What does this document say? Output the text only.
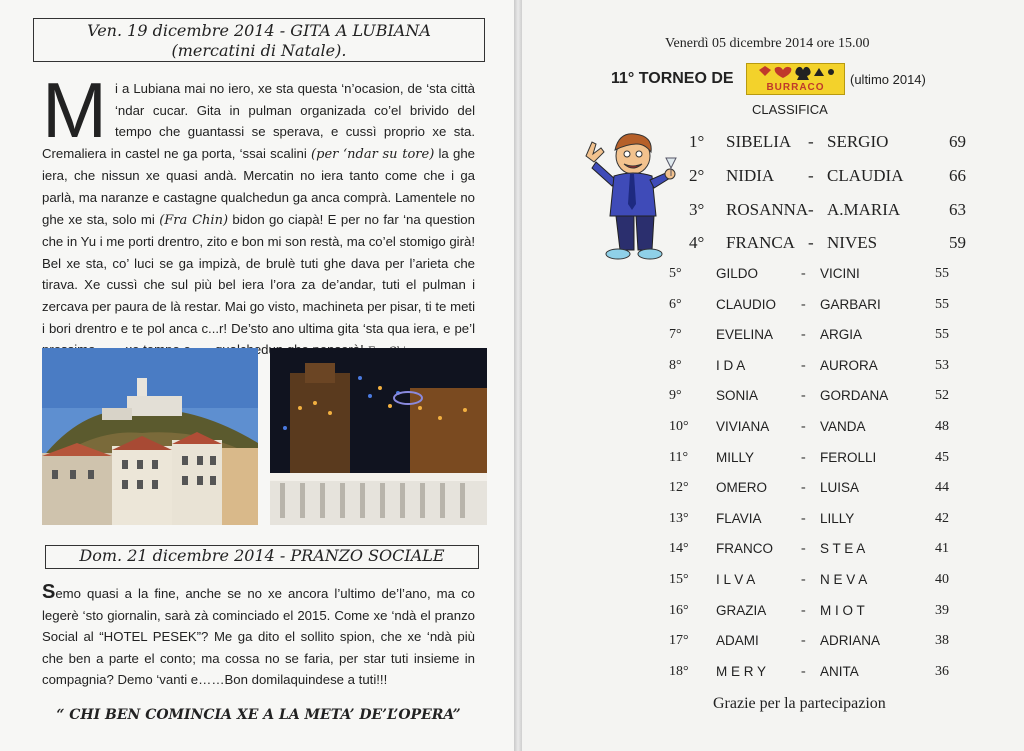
Ven. 19 dicembre 2014 - GITA A LUBIANA
(mercatini di Natale).
Mi a Lubiana mai no iero, xe sta questa ‘n’ocasion, de ‘sta città ‘ndar cucar. Gita in pulman organizada co’el brivido del tempo che guantassi se sperava, e cussì proprio xe sta. Cremaliera in castel ne ga porta, ‘ssai scalini (per ‘ndar su tore) la ghe iera, che nissun xe quasi andà. Mercatin no iera tanto come che i ga parlà, ma naranze e castagne qualchedun ga anca comprà. Lamentele no ghe xe sta, solo mi (Fra Chin) bidon go ciapà! E per no far ‘na question che in Yu i me porti drentro, zito e bon mi son restà, ma co’el stomigo girà! Bel xe sta, co’ luci se ga impizà, de brulè tuti ghe dava per l’arieta che tirava. Xe cussì che sul più bel iera l’ora za de’andar, tuti el pulman i zercava per paura de là restar. Mai go visto, machineta per pisar, ti te meti i bori drentro e te pol anca c...r! De’sto ano ultima gita ‘sta qua iera, e pe’l
Dom. 21 dicembre 2014 - PRANZO SOCIALE
Semo quasi a la fine, anche se no xe ancora l’ultimo de’l’ano, ma co legerè ‘sto giornalin, sarà zà cominciado el 2015. Come xe ‘ndà el pranzo Social al “HOTEL PESEK”? Me ga dito el sollito spion, che xe ‘ndà più che ben a parte el conto; ma cossa no se faria, per star tuti insieme in compagnia? Demo ‘vanti e……Bon domilaquindese a tuti!!!
“ CHI BEN COMINCIA XE A LA META’ DE’L’OPERA”
Venerdì 05 dicembre 2014 ore 15.00
11° TORNEO DE
BURRACO
(ultimo 2014)
CLASSIFICA
1° SIBELIA - SERGIO	69
2° NIDIA - CLAUDIA	66
3° ROSANNA - A.MARIA	63
4° FRANCA - NIVES	59
5°	GILDO	- VICINI	55
6°	CLAUDIO - GARBARI	55
7°	EVELINA - ARGIA	55
8°	I D A	- AURORA	53
9°	SONIA	- GORDANA	52
10° VIVIANA - VANDA	48
11° MILLY	- FEROLLI	45
12° OMERO - LUISA	44
13° FLAVIA	- LILLY	42
14° FRANCO - S T E A	41
15° I L V A	- N E V A	40
16° GRAZIA - M I O T	39
17° ADAMI	- ADRIANA	38
18° M E R Y - ANITA	36
Grazie per la partecipazion
